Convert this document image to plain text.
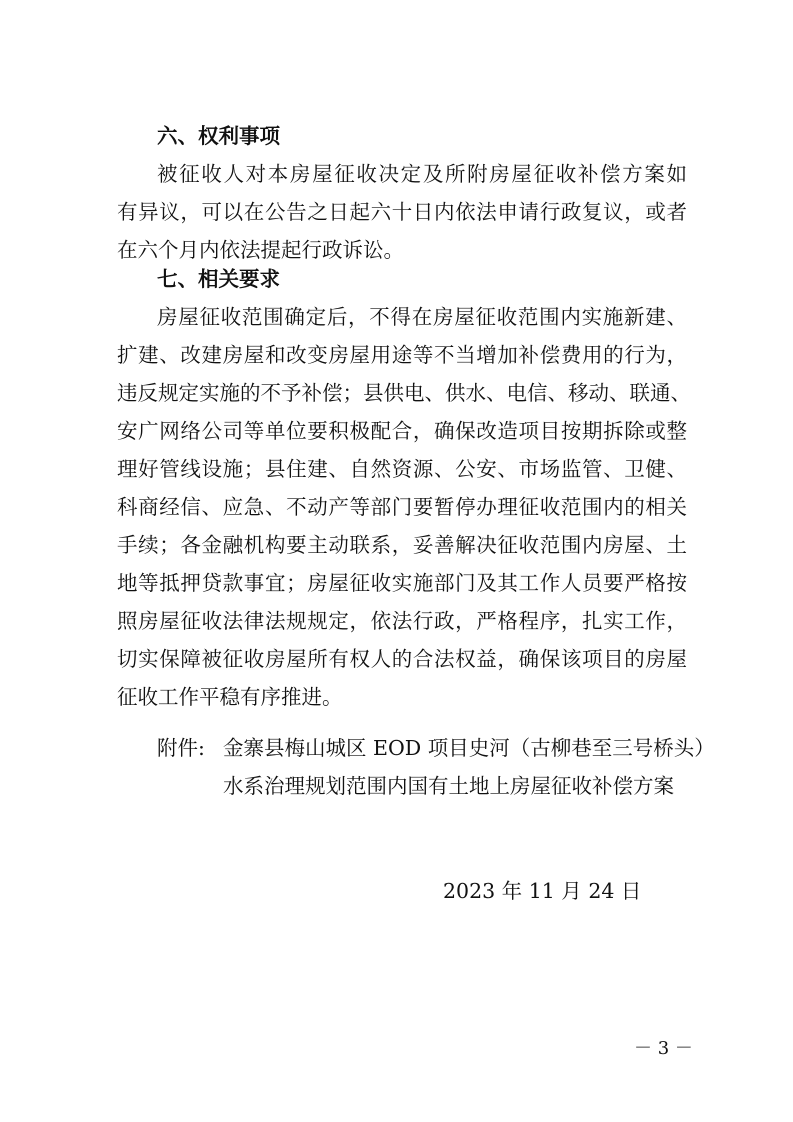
六、权利事项
被征收人对本房屋征收决定及所附房屋征收补偿方案如
有异议，可以在公告之日起六十日内依法申请行政复议，或者
在六个月内依法提起行政诉讼。
七、相关要求
房屋征收范围确定后，不得在房屋征收范围内实施新建、
扩建、改建房屋和改变房屋用途等不当增加补偿费用的行为，
违反规定实施的不予补偿；县供电、供水、电信、移动、联通、
安广网络公司等单位要积极配合，确保改造项目按期拆除或整
理好管线设施；县住建、自然资源、公安、市场监管、卫健、
科商经信、应急、不动产等部门要暂停办理征收范围内的相关
手续；各金融机构要主动联系，妥善解决征收范围内房屋、土
地等抵押贷款事宜；房屋征收实施部门及其工作人员要严格按
照房屋征收法律法规规定，依法行政，严格程序，扎实工作，
切实保障被征收房屋所有权人的合法权益，确保该项目的房屋
征收工作平稳有序推进。
附件: 金寨县梅山城区 EOD 项目史河（古柳巷至三号桥头）
水系治理规划范围内国有土地上房屋征收补偿方案
2023 年 11 月 24 日
－ 3 －
